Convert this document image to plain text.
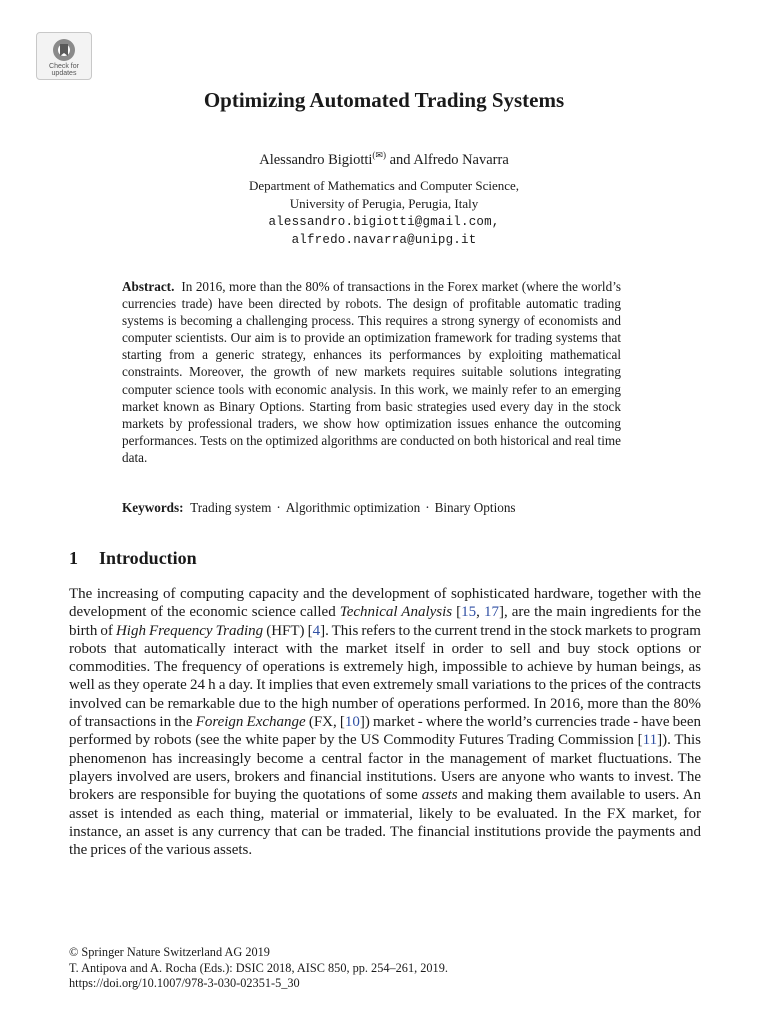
Check for
updates
Optimizing Automated Trading Systems
Alessandro Bigiotti(✉) and Alfredo Navarra
Department of Mathematics and Computer Science,
University of Perugia, Perugia, Italy
alessandro.bigiotti@gmail.com,
alfredo.navarra@unipg.it

Abstract. In 2016, more than the 80% of transactions in the Forex market (where the world’s currencies trade) have been directed by robots. The design of profitable automatic trading systems is becoming a challenging process. This requires a strong synergy of economists and computer scientists. Our aim is to provide an optimization framework for trading systems that starting from a generic strategy, enhances its performances by exploiting mathematical constraints. Moreover, the growth of new markets requires suitable solutions integrating computer science tools with economic analysis. In this work, we mainly refer to an emerging market known as Binary Options. Starting from basic strategies used every day in the stock markets by professional traders, we show how optimization issues enhance the outcoming performances. Tests on the optimized algorithms are conducted on both historical and real time data.

Keywords: Trading system · Algorithmic optimization · Binary Options

1 Introduction

The increasing of computing capacity and the development of sophisticated hardware, together with the development of the economic science called Technical Analysis [15, 17], are the main ingredients for the birth of High Frequency Trading (HFT) [4]. This refers to the current trend in the stock markets to program robots that automatically interact with the market itself in order to sell and buy stock options or commodities. The frequency of operations is extremely high, impossible to achieve by human beings, as well as they operate 24 h a day. It implies that even extremely small variations to the prices of the contracts involved can be remarkable due to the high number of operations performed. In 2016, more than the 80% of transactions in the Foreign Exchange (FX, [10]) market - where the world’s currencies trade - have been performed by robots (see the white paper by the US Commodity Futures Trading Commission [11]). This phenomenon has increasingly become a central factor in the management of market fluctuations. The players involved are users, brokers and financial institutions. Users are anyone who wants to invest. The brokers are responsible for buying the quotations of some assets and making them available to users. An asset is intended as each thing, material or immaterial, likely to be evaluated. In the FX market, for instance, an asset is any currency that can be traded. The financial institutions provide the payments and the prices of the various assets.

© Springer Nature Switzerland AG 2019
T. Antipova and A. Rocha (Eds.): DSIC 2018, AISC 850, pp. 254–261, 2019.
https://doi.org/10.1007/978-3-030-02351-5_30
